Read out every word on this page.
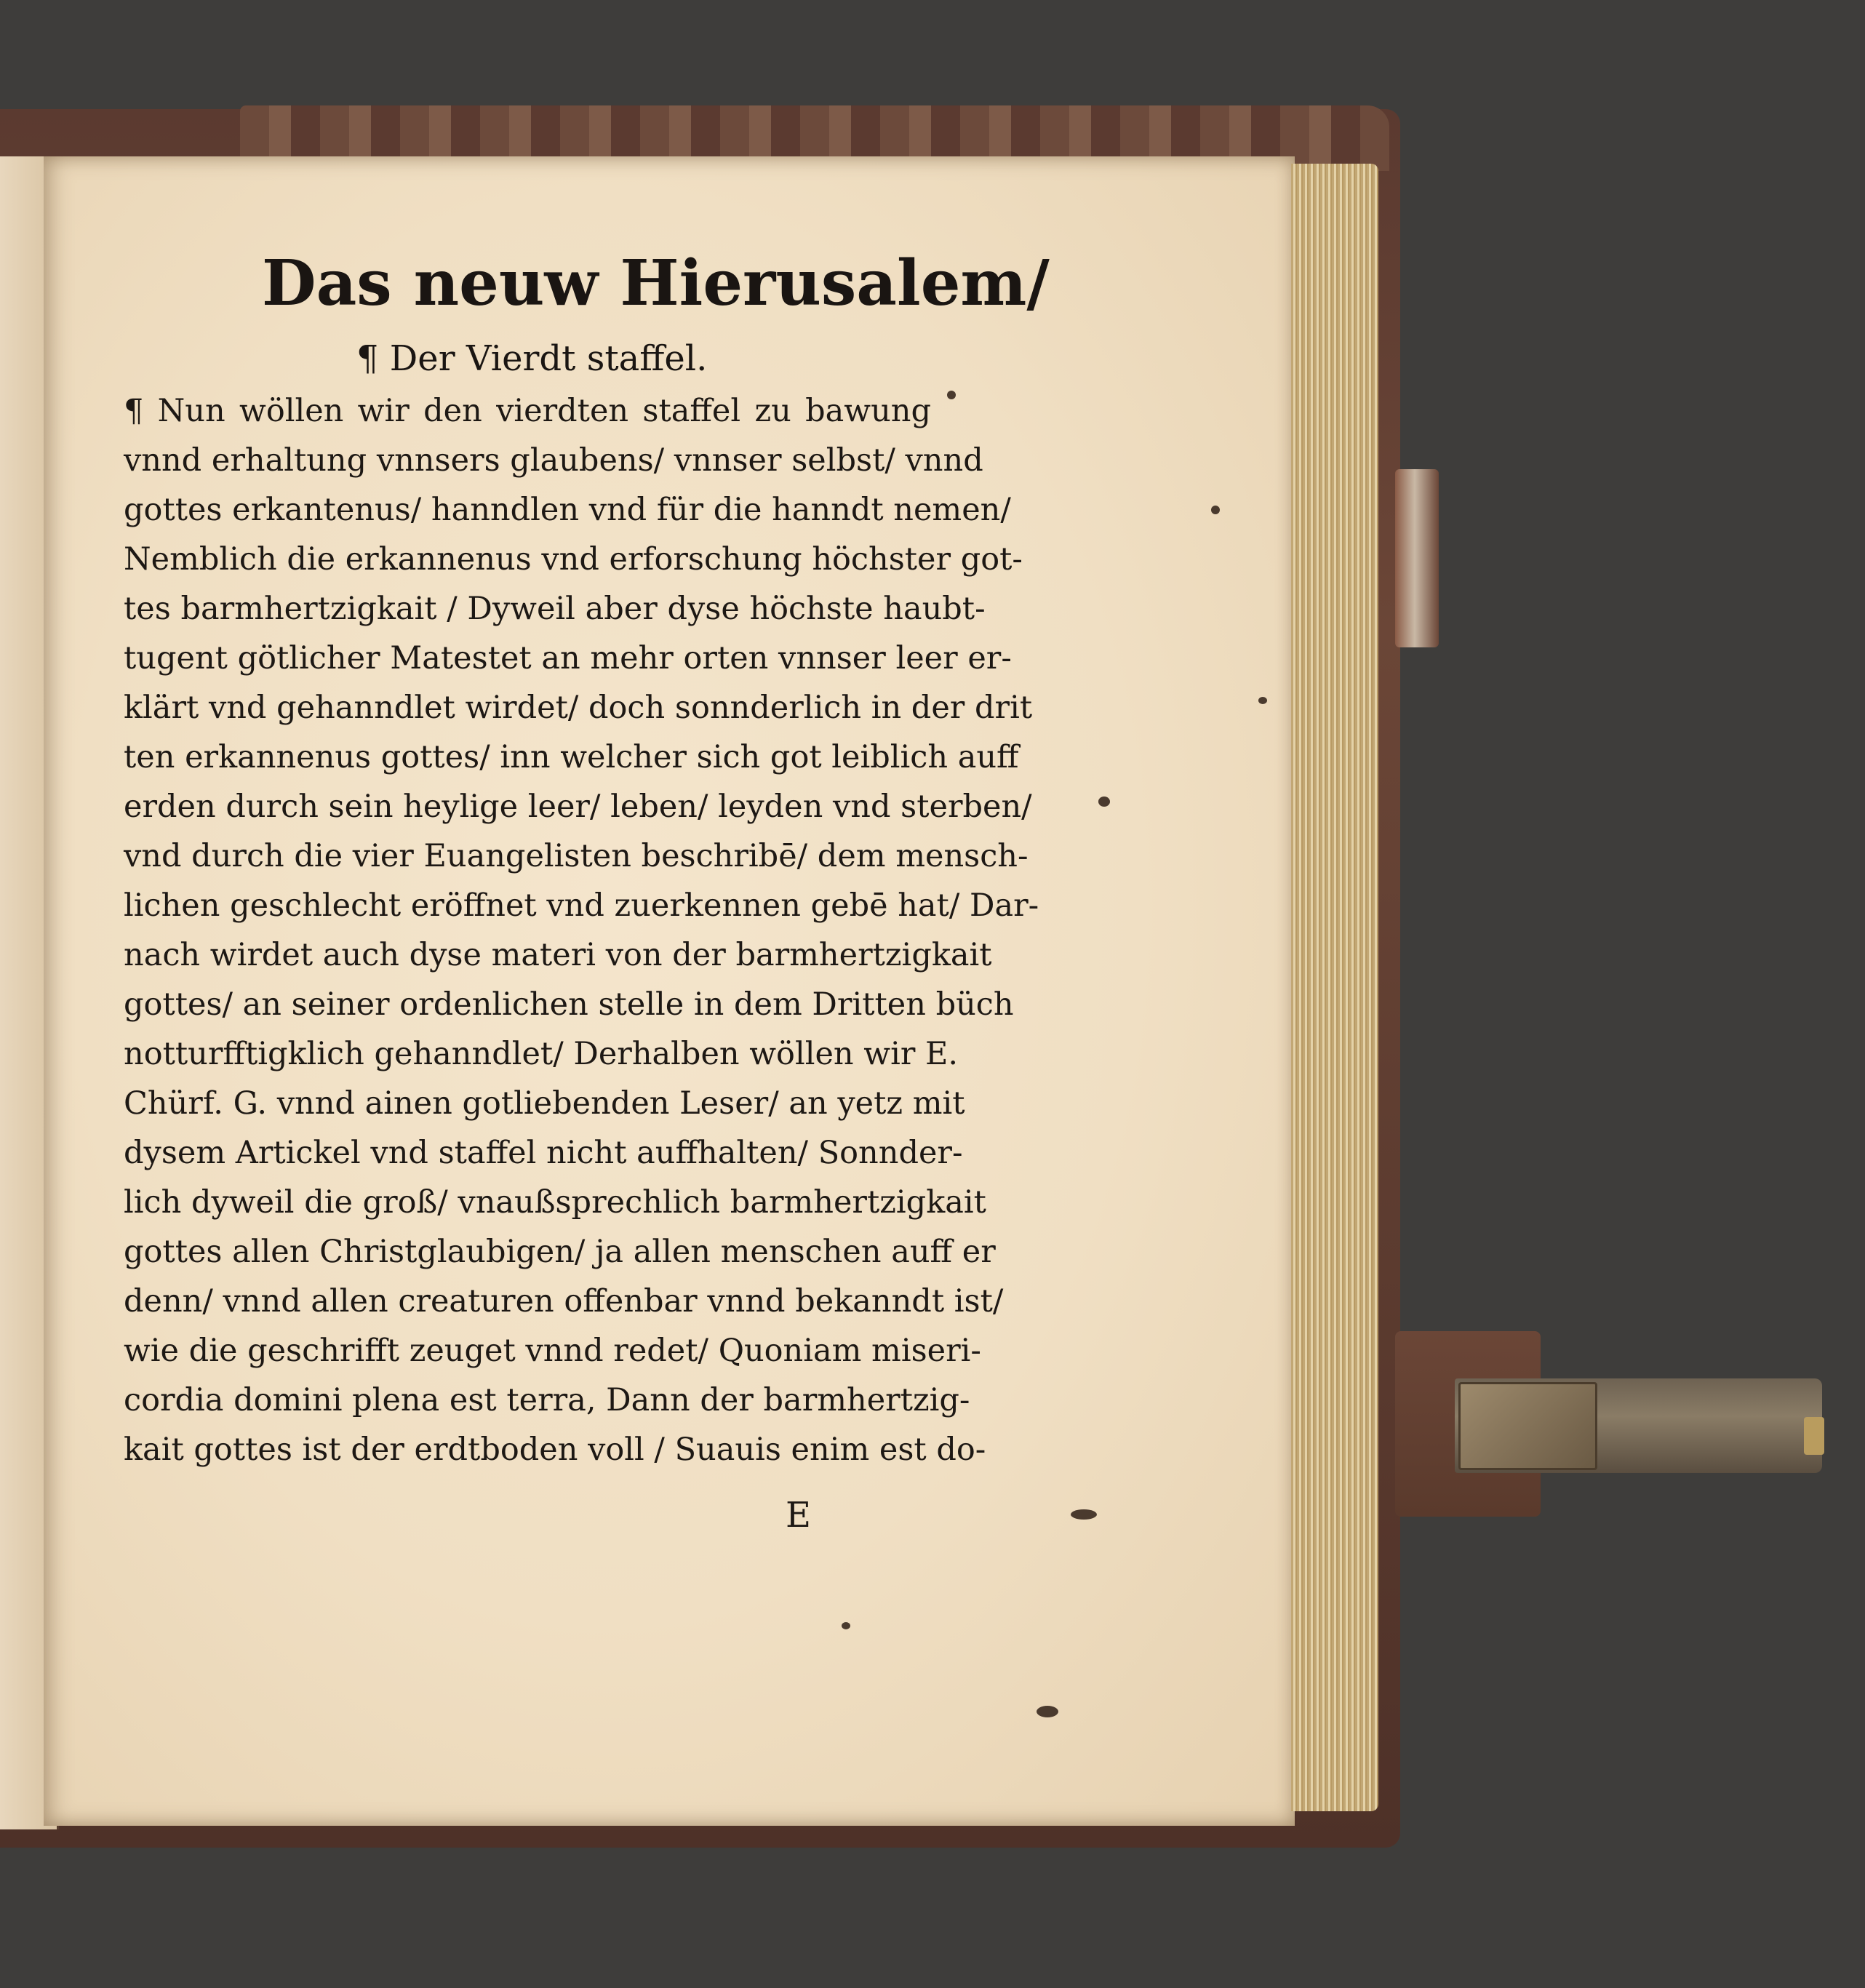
Das neuw Hierusalem/
¶ Der Vierdt staffel.
¶ Nun wöllen wir den vierdten staffel zu bawung
vnnd erhaltung vnnsers glaubens/ vnnser selbst/ vnnd
gottes erkantenus/ hanndlen vnd für die hanndt nemen/
Nemblich die erkannenus vnd erforschung höchster got-
tes barmhertzigkait / Dyweil aber dyse höchste haubt-
tugent götlicher Matestet an mehr orten vnnser leer er-
klärt vnd gehanndlet wirdet/ doch sonnderlich in der drit
ten erkannenus gottes/ inn welcher sich got leiblich auff
erden durch sein heylige leer/ leben/ leyden vnd sterben/
vnd durch die vier Euangelisten beschribē/ dem mensch-
lichen geschlecht eröffnet vnd zuerkennen gebē hat/ Dar-
nach wirdet auch dyse materi von der barmhertzigkait
gottes/ an seiner ordenlichen stelle in dem Dritten büch
notturfftigklich gehanndlet/ Derhalben wöllen wir E.
Chürf. G. vnnd ainen gotliebenden Leser/ an yetz mit
dysem Artickel vnd staffel nicht auffhalten/ Sonnder-
lich dyweil die groß/ vnaußsprechlich barmhertzigkait
gottes allen Christglaubigen/ ja allen menschen auff er
denn/ vnnd allen creaturen offenbar vnnd bekanndt ist/
wie die geschrifft zeuget vnnd redet/ Quoniam miseri-
cordia domini plena est terra, Dann der barmhertzig-
kait gottes ist der erdtboden voll / Suauis enim est do-
E
